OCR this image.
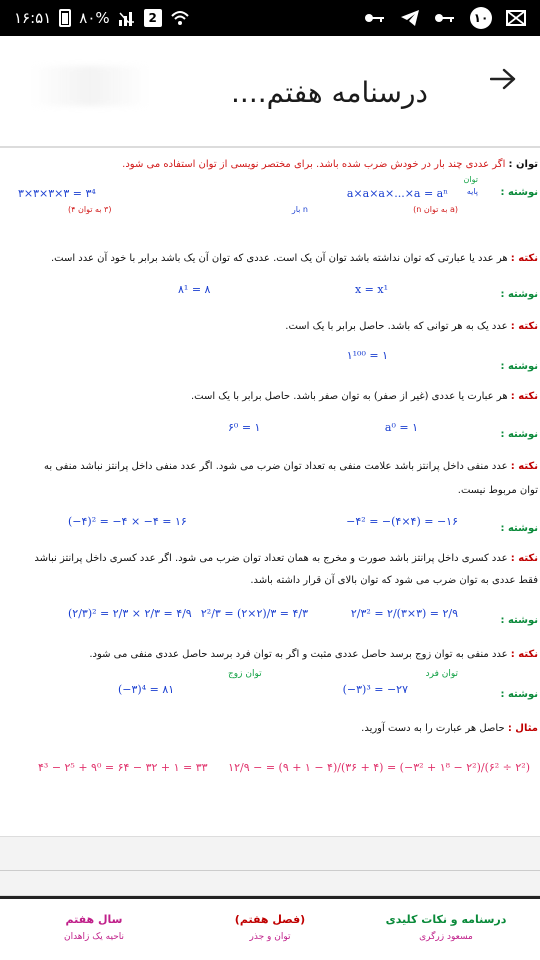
۱۶:۵۱ ۸۰%	2	۱۰
درسنامه هفتم....
توان : اگر عددی چند بار در خودش ضرب شده باشد. برای مختصر نویسی از توان استفاده می شود.
نوشته :
توان
پایه
a×a×a×...×a = aⁿ
n بار	(a به توان n)
۳×۳×۳×۳ = ۳⁴
(۳ به توان ۴)
نکته : هر عدد یا عبارتی که توان نداشته باشد توان آن یک است. عددی که توان آن یک باشد برابر با خود آن عدد است.
x = x¹
۸¹ = ۸	نوشته :
نکته : عدد یک به هر توانی که باشد. حاصل برابر با یک است.
۱¹⁰⁰ = ۱
نوشته :
نکته : هر عبارت یا عددی (غیر از صفر) به توان صفر باشد. حاصل برابر با یک است.
a⁰ = ۱
۶⁰ = ۱
نوشته :
نکته : عدد منفی داخل پرانتز باشد علامت منفی به تعداد توان ضرب می شود. اگر عدد منفی داخل پرانتز نباشد منفی به
توان مربوط نیست.
−۴² = −(۴×۴) = −۱۶
(−۴)² = −۴ × −۴ = ۱۶
نوشته :
نکته : عدد کسری داخل پرانتز باشد صورت و مخرج به همان تعداد توان ضرب می شود. اگر عدد کسری داخل پرانتز نباشد
فقط عددی به توان ضرب می شود که توان بالای آن قرار داشته باشد.
۲/۳² = ۲/(۳×۳) = ۲/۹
۲²/۳ = (۲×۲)/۳ = ۴/۳
(۲/۳)² = ۲/۳ × ۲/۳ = ۴/۹
نوشته :
نکته : عدد منفی به توان زوج برسد حاصل عددی مثبت و اگر به توان فرد برسد حاصل عددی منفی می شود.
توان فرد
توان زوج
(−۳)³ = −۲۷
(−۳)⁴ = ۸۱	نوشته :
مثال : حاصل هر عبارت را به دست آورید.
۱۲/۹ − = (۹ + ۱ − ۴)/(۳۶ + ۴) = (−۳² + ۱⁸ − ۲²)/(۶² ÷ ۲²)
۴³ − ۲⁵ + ۹⁰ = ۶۴ − ۳۲ + ۱ = ۳۳
درسنامه و نکات کلیدی
مسعود زرگری
(فصل هفتم)
توان و جذر
سال هفتم
ناحیه یک زاهدان
